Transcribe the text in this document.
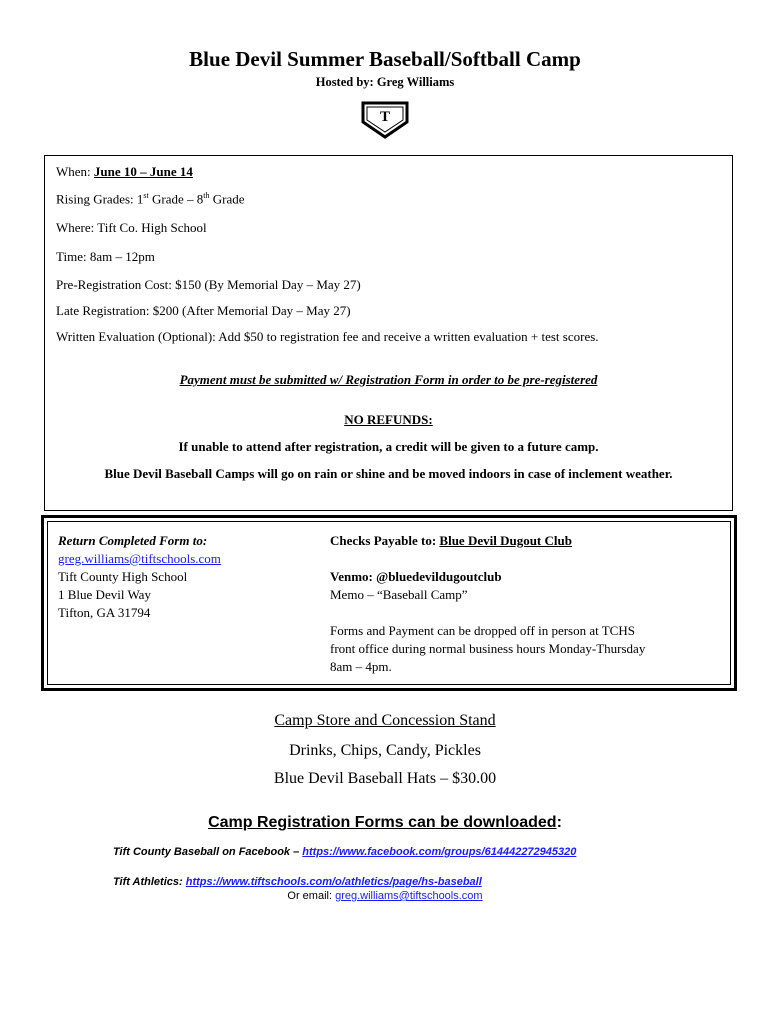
Blue Devil Summer Baseball/Softball Camp
Hosted by: Greg Williams
T
When: June 10 – June 14
Rising Grades: 1st Grade – 8th Grade
Where: Tift Co. High School
Time: 8am – 12pm
Pre-Registration Cost: $150 (By Memorial Day – May 27)
Late Registration: $200 (After Memorial Day – May 27)
Written Evaluation (Optional): Add $50 to registration fee and receive a written evaluation + test scores.
Payment must be submitted w/ Registration Form in order to be pre-registered
NO REFUNDS:
If unable to attend after registration, a credit will be given to a future camp.
Blue Devil Baseball Camps will go on rain or shine and be moved indoors in case of inclement weather.
Return Completed Form to:
greg.williams@tiftschools.com
Tift County High School
1 Blue Devil Way
Tifton, GA 31794
Checks Payable to: Blue Devil Dugout Club
Venmo: @bluedevildugoutclub
Memo – “Baseball Camp”
Forms and Payment can be dropped off in person at TCHS
front office during normal business hours Monday-Thursday
8am – 4pm.
Camp Store and Concession Stand
Drinks, Chips, Candy, Pickles
Blue Devil Baseball Hats – $30.00
Camp Registration Forms can be downloaded:
Tift County Baseball on Facebook – https://www.facebook.com/groups/614442272945320
Tift Athletics: https://www.tiftschools.com/o/athletics/page/hs-baseball
Or email: greg.williams@tiftschools.com
